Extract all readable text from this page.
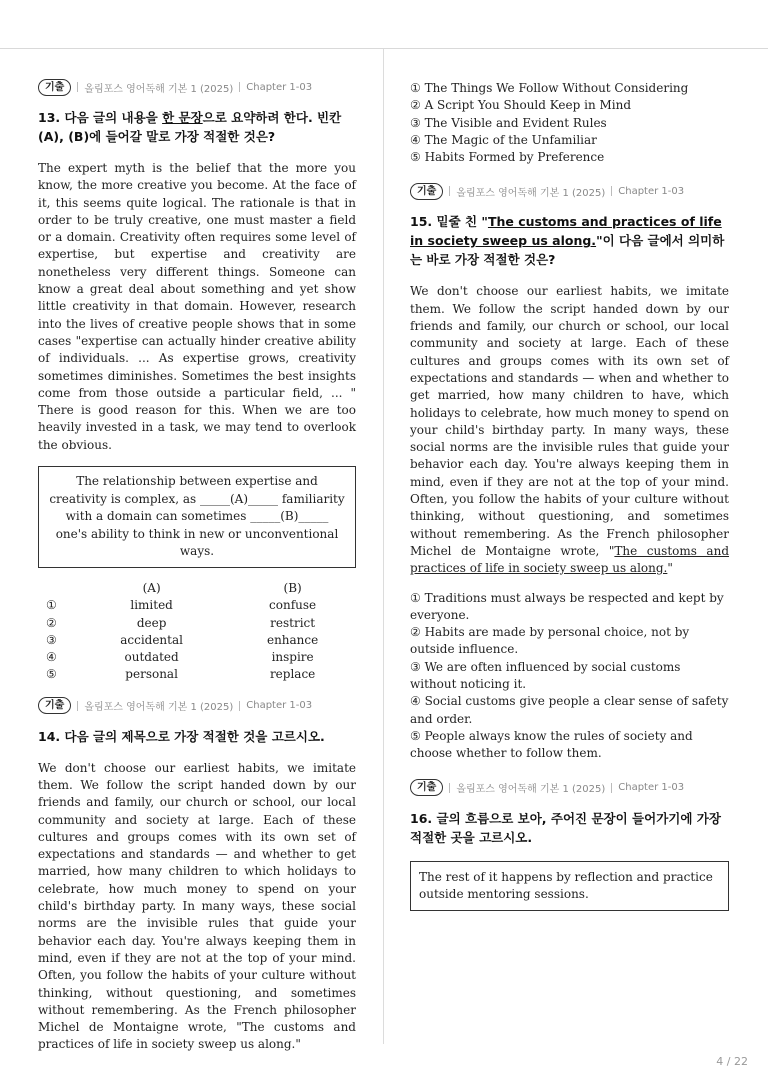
기출	올림포스 영어독해 기본 1 (2025) Chapter 1-03

13. 다음 글의 내용을 한 문장으로 요약하려 한다. 빈칸 (A), (B)에 들어갈 말로 가장 적절한 것은?

The expert myth is the belief that the more you know, the more creative you become. At the face of it, this seems quite logical. The rationale is that in order to be truly creative, one must master a field or a domain. Creativity often requires some level of expertise, but expertise and creativity are nonetheless very different things. Someone can know a great deal about something and yet show little creativity in that domain. However, research into the lives of creative people shows that in some cases "expertise can actually hinder creative ability of individuals. ... As expertise grows, creativity sometimes diminishes. Sometimes the best insights come from those outside a particular field, ... " There is good reason for this. When we are too heavily invested in a task, we may tend to overlook the obvious.

The relationship between expertise and creativity is complex, as _____(A)_____ familiarity with a domain can sometimes _____(B)_____ one's ability to think in new or unconventional ways.
	(A)	(B)
①	limited	confuse
②	deep	restrict
③	accidental	enhance
④	outdated	inspire
⑤	personal	replace
기출	올림포스 영어독해 기본 1 (2025) Chapter 1-03

14. 다음 글의 제목으로 가장 적절한 것을 고르시오.

We don't choose our earliest habits, we imitate them. We follow the script handed down by our friends and family, our church or school, our local community and society at large. Each of these cultures and groups comes with its own set of expectations and standards — and whether to get married, how many children to which holidays to celebrate, how much money to spend on your child's birthday party. In many ways, these social norms are the invisible rules that guide your behavior each day. You're always keeping them in mind, even if they are not at the top of your mind. Often, you follow the habits of your culture without thinking, without questioning, and sometimes without remembering. As the French philosopher Michel de Montaigne wrote, "The customs and practices of life in society sweep us along."

① The Things We Follow Without Considering

② A Script You Should Keep in Mind

③ The Visible and Evident Rules

④ The Magic of the Unfamiliar

⑤ Habits Formed by Preference

기출	올림포스 영어독해 기본 1 (2025) Chapter 1-03

15. 밑줄 친 "The customs and practices of life in society sweep us along."이 다음 글에서 의미하는 바로 가장 적절한 것은?

We don't choose our earliest habits, we imitate them. We follow the script handed down by our friends and family, our church or school, our local community and society at large. Each of these cultures and groups comes with its own set of expectations and standards — when and whether to get married, how many children to have, which holidays to celebrate, how much money to spend on your child's birthday party. In many ways, these social norms are the invisible rules that guide your behavior each day. You're always keeping them in mind, even if they are not at the top of your mind. Often, you follow the habits of your culture without thinking, without questioning, and sometimes without remembering. As the French philosopher Michel de Montaigne wrote, "The customs and practices of life in society sweep us along."

① Traditions must always be respected and kept by everyone.

② Habits are made by personal choice, not by outside influence.

③ We are often influenced by social customs without noticing it.

④ Social customs give people a clear sense of safety and order.

⑤ People always know the rules of society and choose whether to follow them.

기출	올림포스 영어독해 기본 1 (2025) Chapter 1-03

16. 글의 흐름으로 보아, 주어진 문장이 들어가기에 가장 적절한 곳을 고르시오.

The rest of it happens by reflection and practice outside mentoring sessions.
4 / 22
